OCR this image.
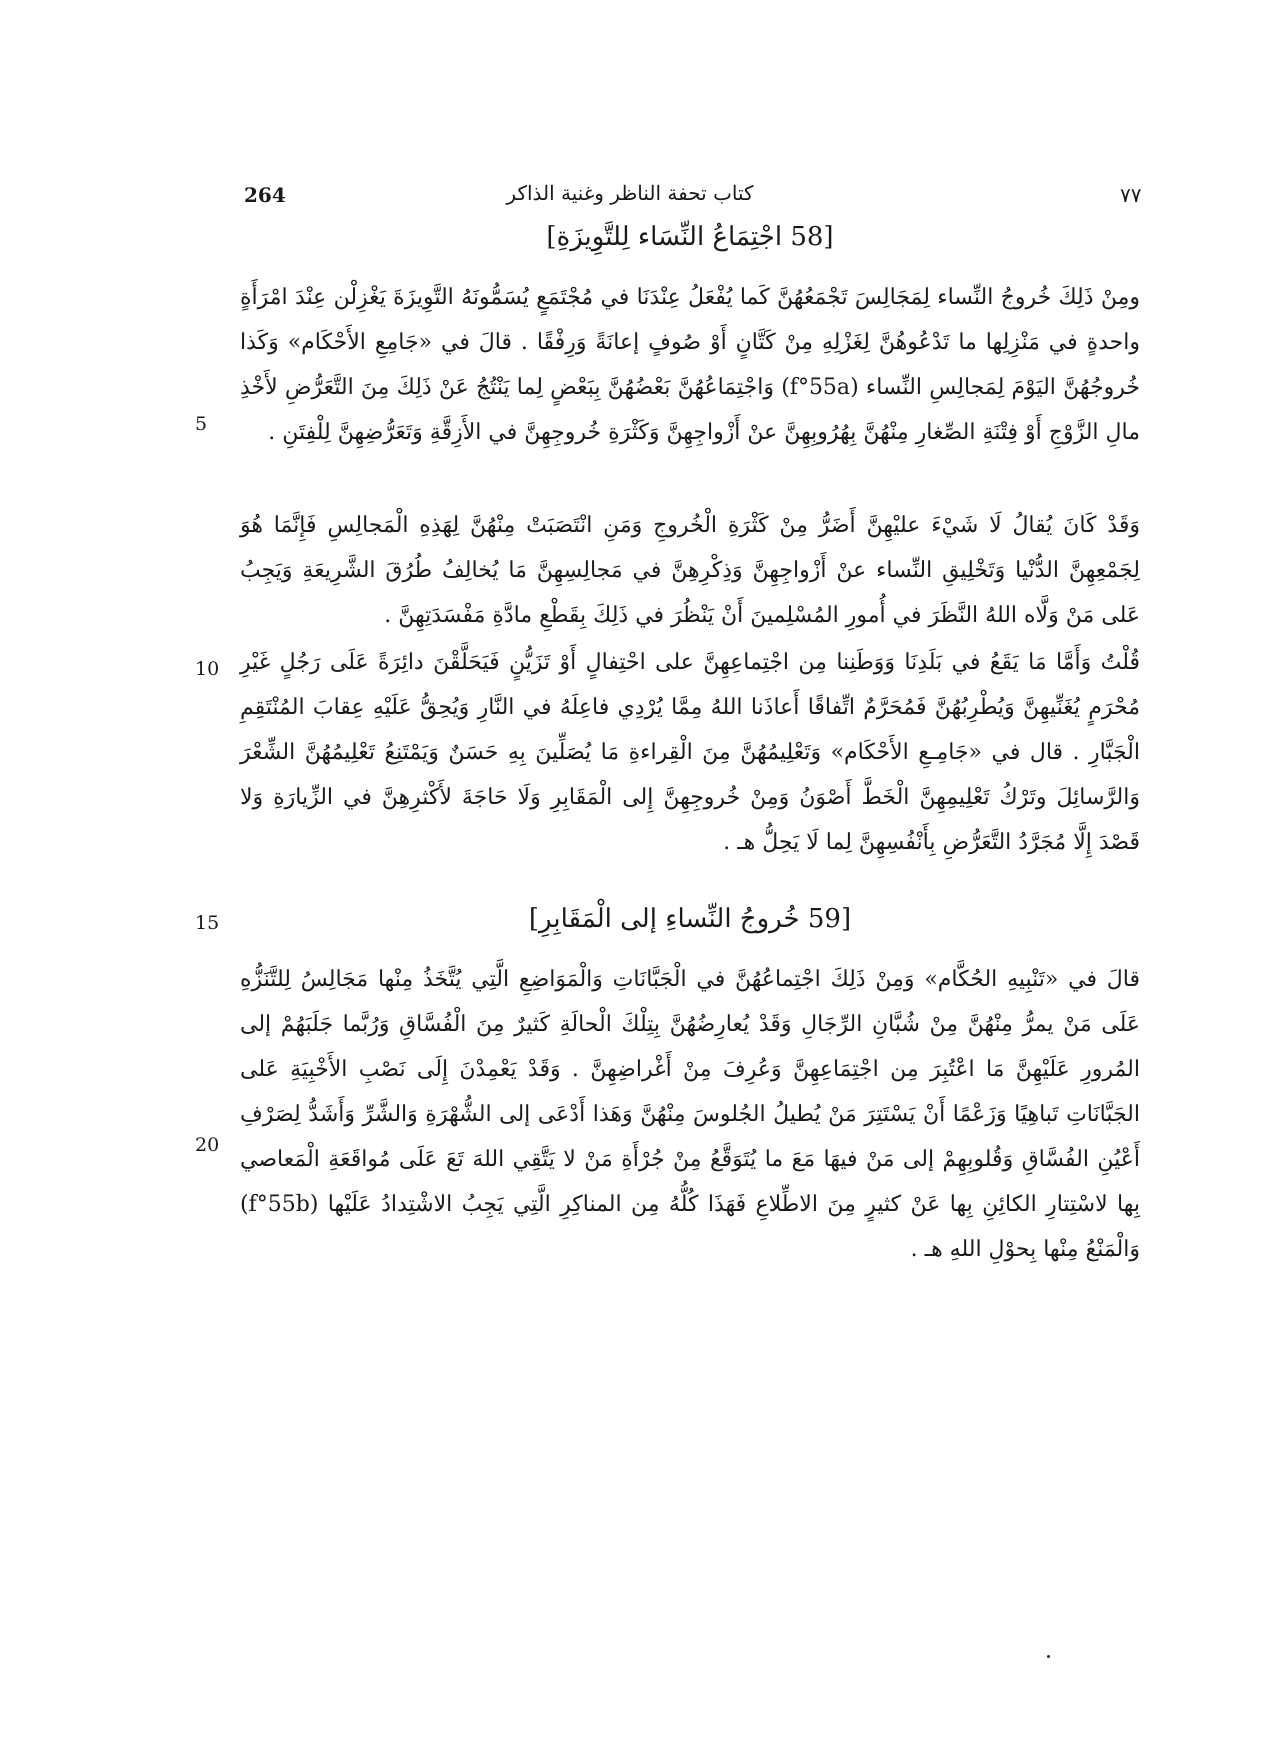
264	كتاب تحفة الناظر وغنية الذاكر	٧٧
[58 اجْتِمَاعُ النِّسَاء لِلتَّوِيزَةِ]
ومِنْ ذَلِكَ خُروجُ النِّساء لِمَجَالِسَ تَجْمَعُهُنَّ كَما يُفْعَلُ عِنْدَنَا في مُجْتَمَعٍ يُسَمُّونَهُ التَّوِيزَةَ يَغْزِلْن عِنْدَ امْرَأَةٍ واحدةٍ في مَنْزِلِها ما تَدْعُوهُنَّ لِغَزْلِهِ مِنْ كَتَّانٍ أَوْ صُوفٍ إعانَةً وَرِفْقًا . قالَ في «جَامِعِ الأَحْكَام» وَكَذا خُروجُهُنَّ اليَوْمَ لِمَجالِسِ النِّساء (f°55a) وَاجْتِمَاعُهُنَّ بَعْضُهُنَّ بِبَعْضٍ لِما يَنْتُجُ عَنْ ذَلِكَ مِنَ التَّعَرُّضِ لأَخْذِ مالِ الزَّوْجِ أَوْ فِتْنَةِ الصِّغارِ مِنْهُنَّ بِهُرُوبِهِنَّ عنْ أَزْواجِهِنَّ وَكَثْرَةِ خُروجِهِنَّ في الأَزِقَّةِ وَتَعَرُّضِهِنَّ لِلْفِتَنِ .
وَقَدْ كَانَ يُقالُ لَا شَيْءَ عليْهِنَّ أَضَرُّ مِنْ كَثْرَةِ الْخُروجِ وَمَنِ انْتَصَبَتْ مِنْهُنَّ لِهَذِهِ الْمَجالِسِ فَإِنَّمَا هُوَ لِجَمْعِهِنَّ الدُّنْيا وَتَخْلِيقِ النِّساء عنْ أَزْواجِهِنَّ وَذِكْرِهِنَّ في مَجالِسِهِنَّ مَا يُخالِفُ طُرُقَ الشَّرِيعَةِ وَيَجِبُ عَلى مَنْ وَلَّاه اللهُ النَّظَرَ في أُمورِ المُسْلِمينَ أَنْ يَنْظُرَ في ذَلِكَ بِقَطْعِ مادَّةِ مَفْسَدَتِهِنَّ .
قُلْتُ وَأَمَّا مَا يَقَعُ في بَلَدِنَا وَوَطَنِنا مِن اجْتِماعِهِنَّ على احْتِفالٍ أَوْ تَزَيُّنٍ فَيَحَلَّقْنَ دائِرَةً عَلَى رَجُلٍ غَيْرِ مُحْرَمٍ يُغَنِّيهِنَّ وَيُطْرِبُهُنَّ فَمُحَرَّمٌ اتِّفاقًا أَعاذَنا اللهُ مِمَّا يُرْدِي فاعِلَهُ في النَّارِ وَيُحِقُّ عَلَيْهِ عِقابَ المُنْتَقِمِ الْجَبَّارِ . قال في «جَامِـعِ الأَحْكَام» وَتَعْلِيمُهُنَّ مِنَ الْقِراءةِ مَا يُصَلِّينَ بِهِ حَسَنٌ وَيَمْتَنِعُ تَعْلِيمُهُنَّ الشِّعْرَ وَالرَّسائِلَ وتَرْكُ تَعْلِيمِهِنَّ الْخَطَّ أَصْوَنُ وَمِنْ خُروجِهِنَّ إِلى الْمَقَابِرِ وَلَا حَاجَةَ لأَكْثرِهِنَّ في الزِّيارَةِ وَلا قَصْدَ إِلَّا مُجَرَّدُ التَّعَرُّضِ بِأَنْفُسِهِنَّ لِما لَا يَحِلُّ هـ .
[59 خُروجُ النِّساءِ إلى الْمَقَابِرِ]
قالَ في «تَنْبِيهِ الحُكَّام» وَمِنْ ذَلِكَ اجْتِماعُهُنَّ في الْجَبَّانَاتِ وَالْمَوَاضِعِ الَّتِي يُتَّخَذُ مِنْها مَجَالِسُ لِلتَّنَزُّهِ عَلَى مَنْ يمرُّ مِنْهُنَّ مِنْ شُبَّانِ الرِّجَالِ وَقَدْ يُعارِضُهُنَّ بِتِلْكَ الْحالَةِ كَثيرٌ مِنَ الْفُسَّاقِ وَرُبَّما جَلَبَهُمْ إلى المُرورِ عَلَيْهِنَّ مَا اعْتُبِرَ مِن اجْتِمَاعِهِنَّ وَعُرِفَ مِنْ أَغْراضِهِنَّ . وَقَدْ يَعْمِدْنَ إِلَى نَصْبِ الأَخْبِيَةِ عَلى الجَبَّانَاتِ تَباهِيًا وَزَعْمًا أَنْ يَسْتَتِرَ مَنْ يُطيلُ الجُلوسَ مِنْهُنَّ وَهَذا أَدْعَى إلى الشُّهْرَةِ وَالشَّرِّ وَأَشَدُّ لِصَرْفِ أَعْيُنِ الفُسَّاقِ وَقُلوبِهِمْ إلى مَنْ فيهَا مَعَ ما يُتَوَقَّعُ مِنْ جُرْأَةِ مَنْ لا يَتَّقِي اللهَ تَعَ عَلَى مُواقَعَةِ الْمَعاصي بِها لاسْتِتارِ الكائِنِ بِها عَنْ كثيرٍ مِنَ الاطِّلاعِ فَهَذَا كُلُّهُ مِن المناكِرِ الَّتِي يَجِبُ الاشْتِدادُ عَلَيْها (f°55b) وَالْمَنْعُ مِنْها بِحوْلِ اللهِ هـ .
5
10
15
20
